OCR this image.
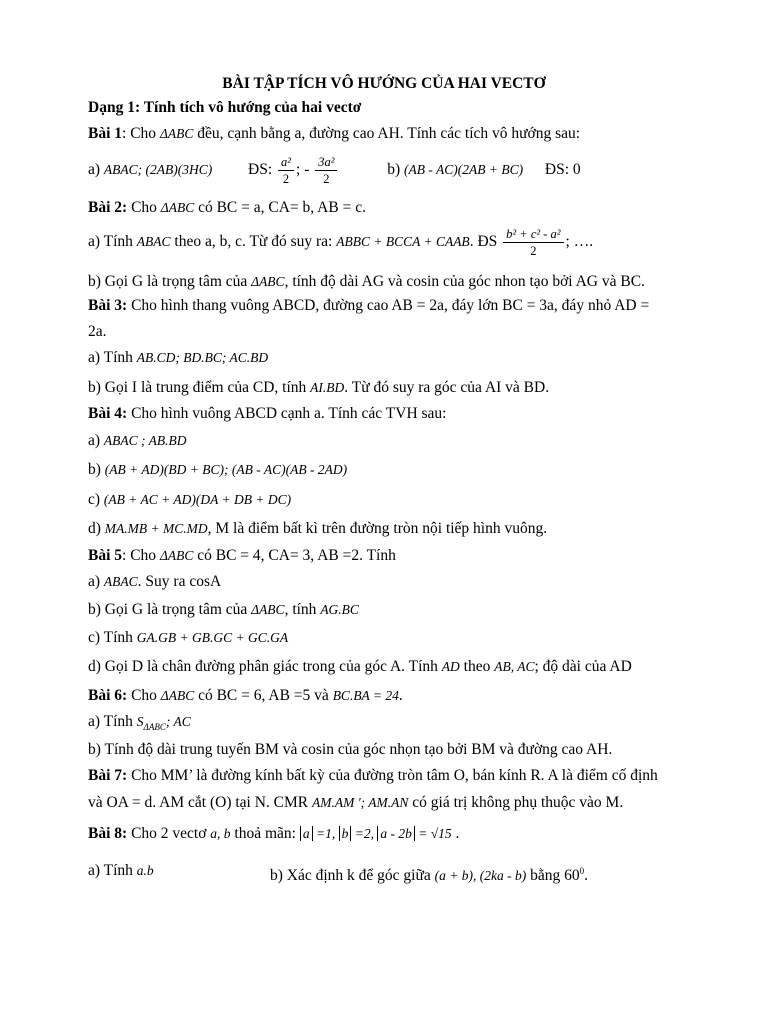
BÀI TẬP TÍCH VÔ HƯỚNG CỦA HAI VECTƠ
Dạng 1: Tính tích vô hướng của hai vectơ
Bài 1: Cho ΔABC đều, cạnh bằng a, đường cao AH. Tính các tích vô hướng sau:
a) ABAC; (2AB)(3HC) ĐS: $\frac{\text{a²}}{2}$ ; - $\frac{\text{3a²}}{2}$	b) (AB - AC)(2AB + BC) ĐS: 0
Bài 2: Cho ΔABC có BC = a, CA= b, AB = c.
a) Tính ABAC theo a, b, c. Từ đó suy ra: ABBC + BCCA + CAAB. ĐS $\frac{\text{b² + c² - a²}}{2}$ ; ….
b) Gọi G là trọng tâm của ΔABC, tính độ dài AG và cosin của góc nhon tạo bởi AG và BC.
Bài 3: Cho hình thang vuông ABCD, đường cao AB = 2a, đáy lớn BC = 3a, đáy nhỏ AD =
2a.
a) Tính AB.CD; BD.BC; AC.BD
b) Gọi I là trung điểm của CD, tính AI.BD. Từ đó suy ra góc của AI và BD.
Bài 4: Cho hình vuông ABCD cạnh a. Tính các TVH sau:
a) ABAC ; AB.BD
b) (AB + AD)(BD + BC); (AB - AC)(AB - 2AD)
c) (AB + AC + AD)(DA + DB + DC)
d) MA.MB + MC.MD, M là điểm bất kì trên đường tròn nội tiếp hình vuông.
Bài 5: Cho ΔABC có BC = 4, CA= 3, AB =2. Tính
a) ABAC. Suy ra cosA
b) Gọi G là trọng tâm của ΔABC, tính AG.BC
c) Tính GA.GB + GB.GC + GC.GA
d) Gọi D là chân đường phân giác trong của góc A. Tính AD theo AB, AC; độ dài của AD
Bài 6: Cho ΔABC có BC = 6, AB =5 và BC.BA = 24.
a) Tính $S_{\Delta ABC}$; AC
b) Tính độ dài trung tuyến BM và cosin của góc nhọn tạo bởi BM và đường cao AH.
Bài 7: Cho MM’ là đường kính bất kỳ của đường tròn tâm O, bán kính R. A là điểm cố định
và OA = d. AM cắt (O) tại N. CMR AM.AM '; AM.AN có giá trị không phụ thuộc vào M.
Bài 8: Cho 2 vectơ a, b thoả mãn: a =1, b =2, a - 2b = √15 .
a) Tính a.b	b) Xác định k để góc giữa (a + b), (2ka - b) bằng $60^0$.
